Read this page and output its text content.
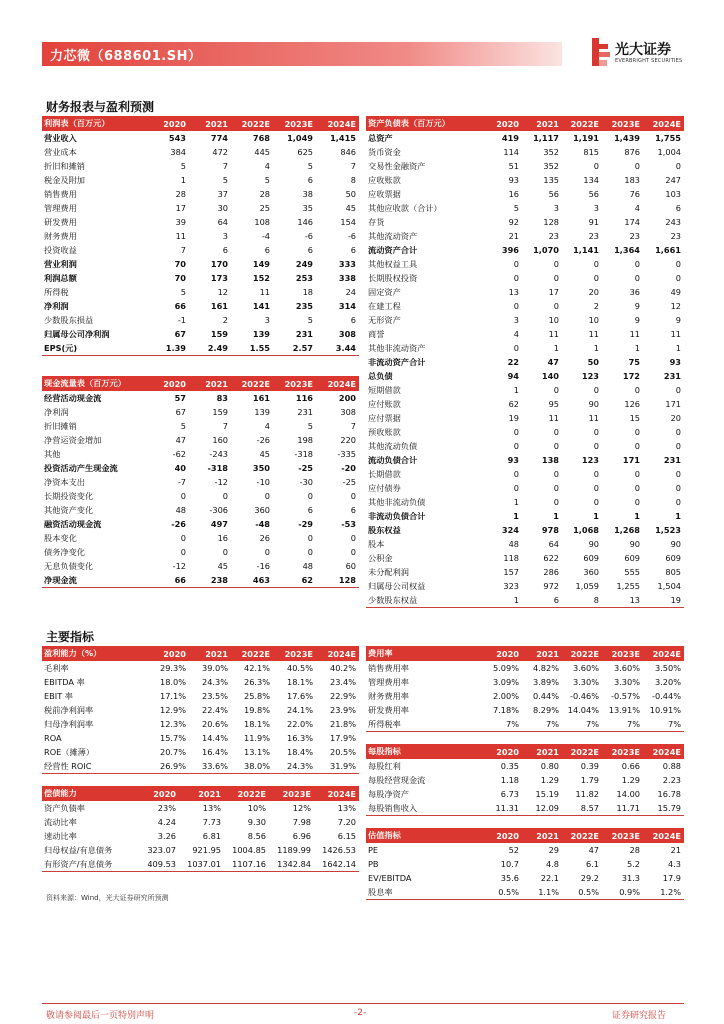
力芯微（688601.SH）	光大证券
EVERBRIGHT SECURITIES
财务报表与盈利预测
主要指标
利润表（百万元）	2020	2021	2022E	2023E	2024E
营业收入	543	774	768	1,049	1,415
营业成本	384	472	445	625	846
折旧和摊销	5	7	4	5	7
税金及附加	1	5	5	6	8
销售费用	28	37	28	38	50
管理费用	17	30	25	35	45
研发费用	39	64	108	146	154
财务费用	11	3	-4	-6	-6
投资收益	7	6	6	6	6
营业利润	70	170	149	249	333
利润总额	70	173	152	253	338
所得税	5	12	11	18	24
净利润	66	161	141	235	314
少数股东损益	-1	2	3	5	6
归属母公司净利润	67	159	139	231	308
EPS(元)	1.39	2.49	1.55	2.57	3.44
现金流量表（百万元）	2020	2021	2022E	2023E	2024E
经营活动现金流	57	83	161	116	200
净利润	67	159	139	231	308
折旧摊销	5	7	4	5	7
净营运资金增加	47	160	-26	198	220
其他	-62	-243	45	-318	-335
投资活动产生现金流	40	-318	350	-25	-20
净资本支出	-7	-12	-10	-30	-25
长期投资变化	0	0	0	0	0
其他资产变化	48	-306	360	6	6
融资活动现金流	-26	497	-48	-29	-53
股本变化	0	16	26	0	0
债务净变化	0	0	0	0	0
无息负债变化	-12	45	-16	48	60
净现金流	66	238	463	62	128
资产负债表（百万元）	2020	2021	2022E	2023E	2024E
总资产	419	1,117	1,191	1,439	1,755
货币资金	114	352	815	876	1,004
交易性金融资产	51	352	0	0	0
应收账款	93	135	134	183	247
应收票据	16	56	56	76	103
其他应收款（合计）	5	3	3	4	6
存货	92	128	91	174	243
其他流动资产	21	23	23	23	23
流动资产合计	396	1,070	1,141	1,364	1,661
其他权益工具	0	0	0	0	0
长期股权投资	0	0	0	0	0
固定资产	13	17	20	36	49
在建工程	0	0	2	9	12
无形资产	3	10	10	9	9
商誉	4	11	11	11	11
其他非流动资产	0	1	1	1	1
非流动资产合计	22	47	50	75	93
总负债	94	140	123	172	231
短期借款	1	0	0	0	0
应付账款	62	95	90	126	171
应付票据	19	11	11	15	20
预收账款	0	0	0	0	0
其他流动负债	0	0	0	0	0
流动负债合计	93	138	123	171	231
长期借款	0	0	0	0	0
应付债券	0	0	0	0	0
其他非流动负债	1	0	0	0	0
非流动负债合计	1	1	1	1	1
股东权益	324	978	1,068	1,268	1,523
股本	48	64	90	90	90
公积金	118	622	609	609	609
未分配利润	157	286	360	555	805
归属母公司权益	323	972	1,059	1,255	1,504
少数股东权益	1	6	8	13	19
盈利能力（%）	2020	2021	2022E	2023E	2024E
毛利率	29.3%	39.0%	42.1%	40.5%	40.2%
EBITDA 率	18.0%	24.3%	26.3%	18.1%	23.4%
EBIT 率	17.1%	23.5%	25.8%	17.6%	22.9%
税前净利润率	12.9%	22.4%	19.8%	24.1%	23.9%
归母净利润率	12.3%	20.6%	18.1%	22.0%	21.8%
ROA	15.7%	14.4%	11.9%	16.3%	17.9%
ROE（摊薄）	20.7%	16.4%	13.1%	18.4%	20.5%
经营性 ROIC	26.9%	33.6%	38.0%	24.3%	31.9%
偿债能力	2020	2021	2022E	2023E	2024E
资产负债率	23%	13%	10%	12%	13%
流动比率	4.24	7.73	9.30	7.98	7.20
速动比率	3.26	6.81	8.56	6.96	6.15
归母权益/有息债务	323.07	921.95	1004.85	1189.99	1426.53
有形资产/有息债务	409.53	1037.01	1107.16	1342.84	1642.14
费用率	2020	2021	2022E	2023E	2024E
销售费用率	5.09%	4.82%	3.60%	3.60%	3.50%
管理费用率	3.09%	3.89%	3.30%	3.30%	3.20%
财务费用率	2.00%	0.44%	-0.46%	-0.57%	-0.44%
研发费用率	7.18%	8.29%	14.04%	13.91%	10.91%
所得税率	7%	7%	7%	7%	7%
每股指标	2020	2021	2022E	2023E	2024E
每股红利	0.35	0.80	0.39	0.66	0.88
每股经营现金流	1.18	1.29	1.79	1.29	2.23
每股净资产	6.73	15.19	11.82	14.00	16.78
每股销售收入	11.31	12.09	8.57	11.71	15.79
估值指标	2020	2021	2022E	2023E	2024E
PE	52	29	47	28	21
PB	10.7	4.8	6.1	5.2	4.3
EV/EBITDA	35.6	22.1	29.2	31.3	17.9
股息率	0.5%	1.1%	0.5%	0.9%	1.2%
资料来源：Wind，光大证券研究所预测
敬请参阅最后一页特别声明	-2-	证券研究报告
